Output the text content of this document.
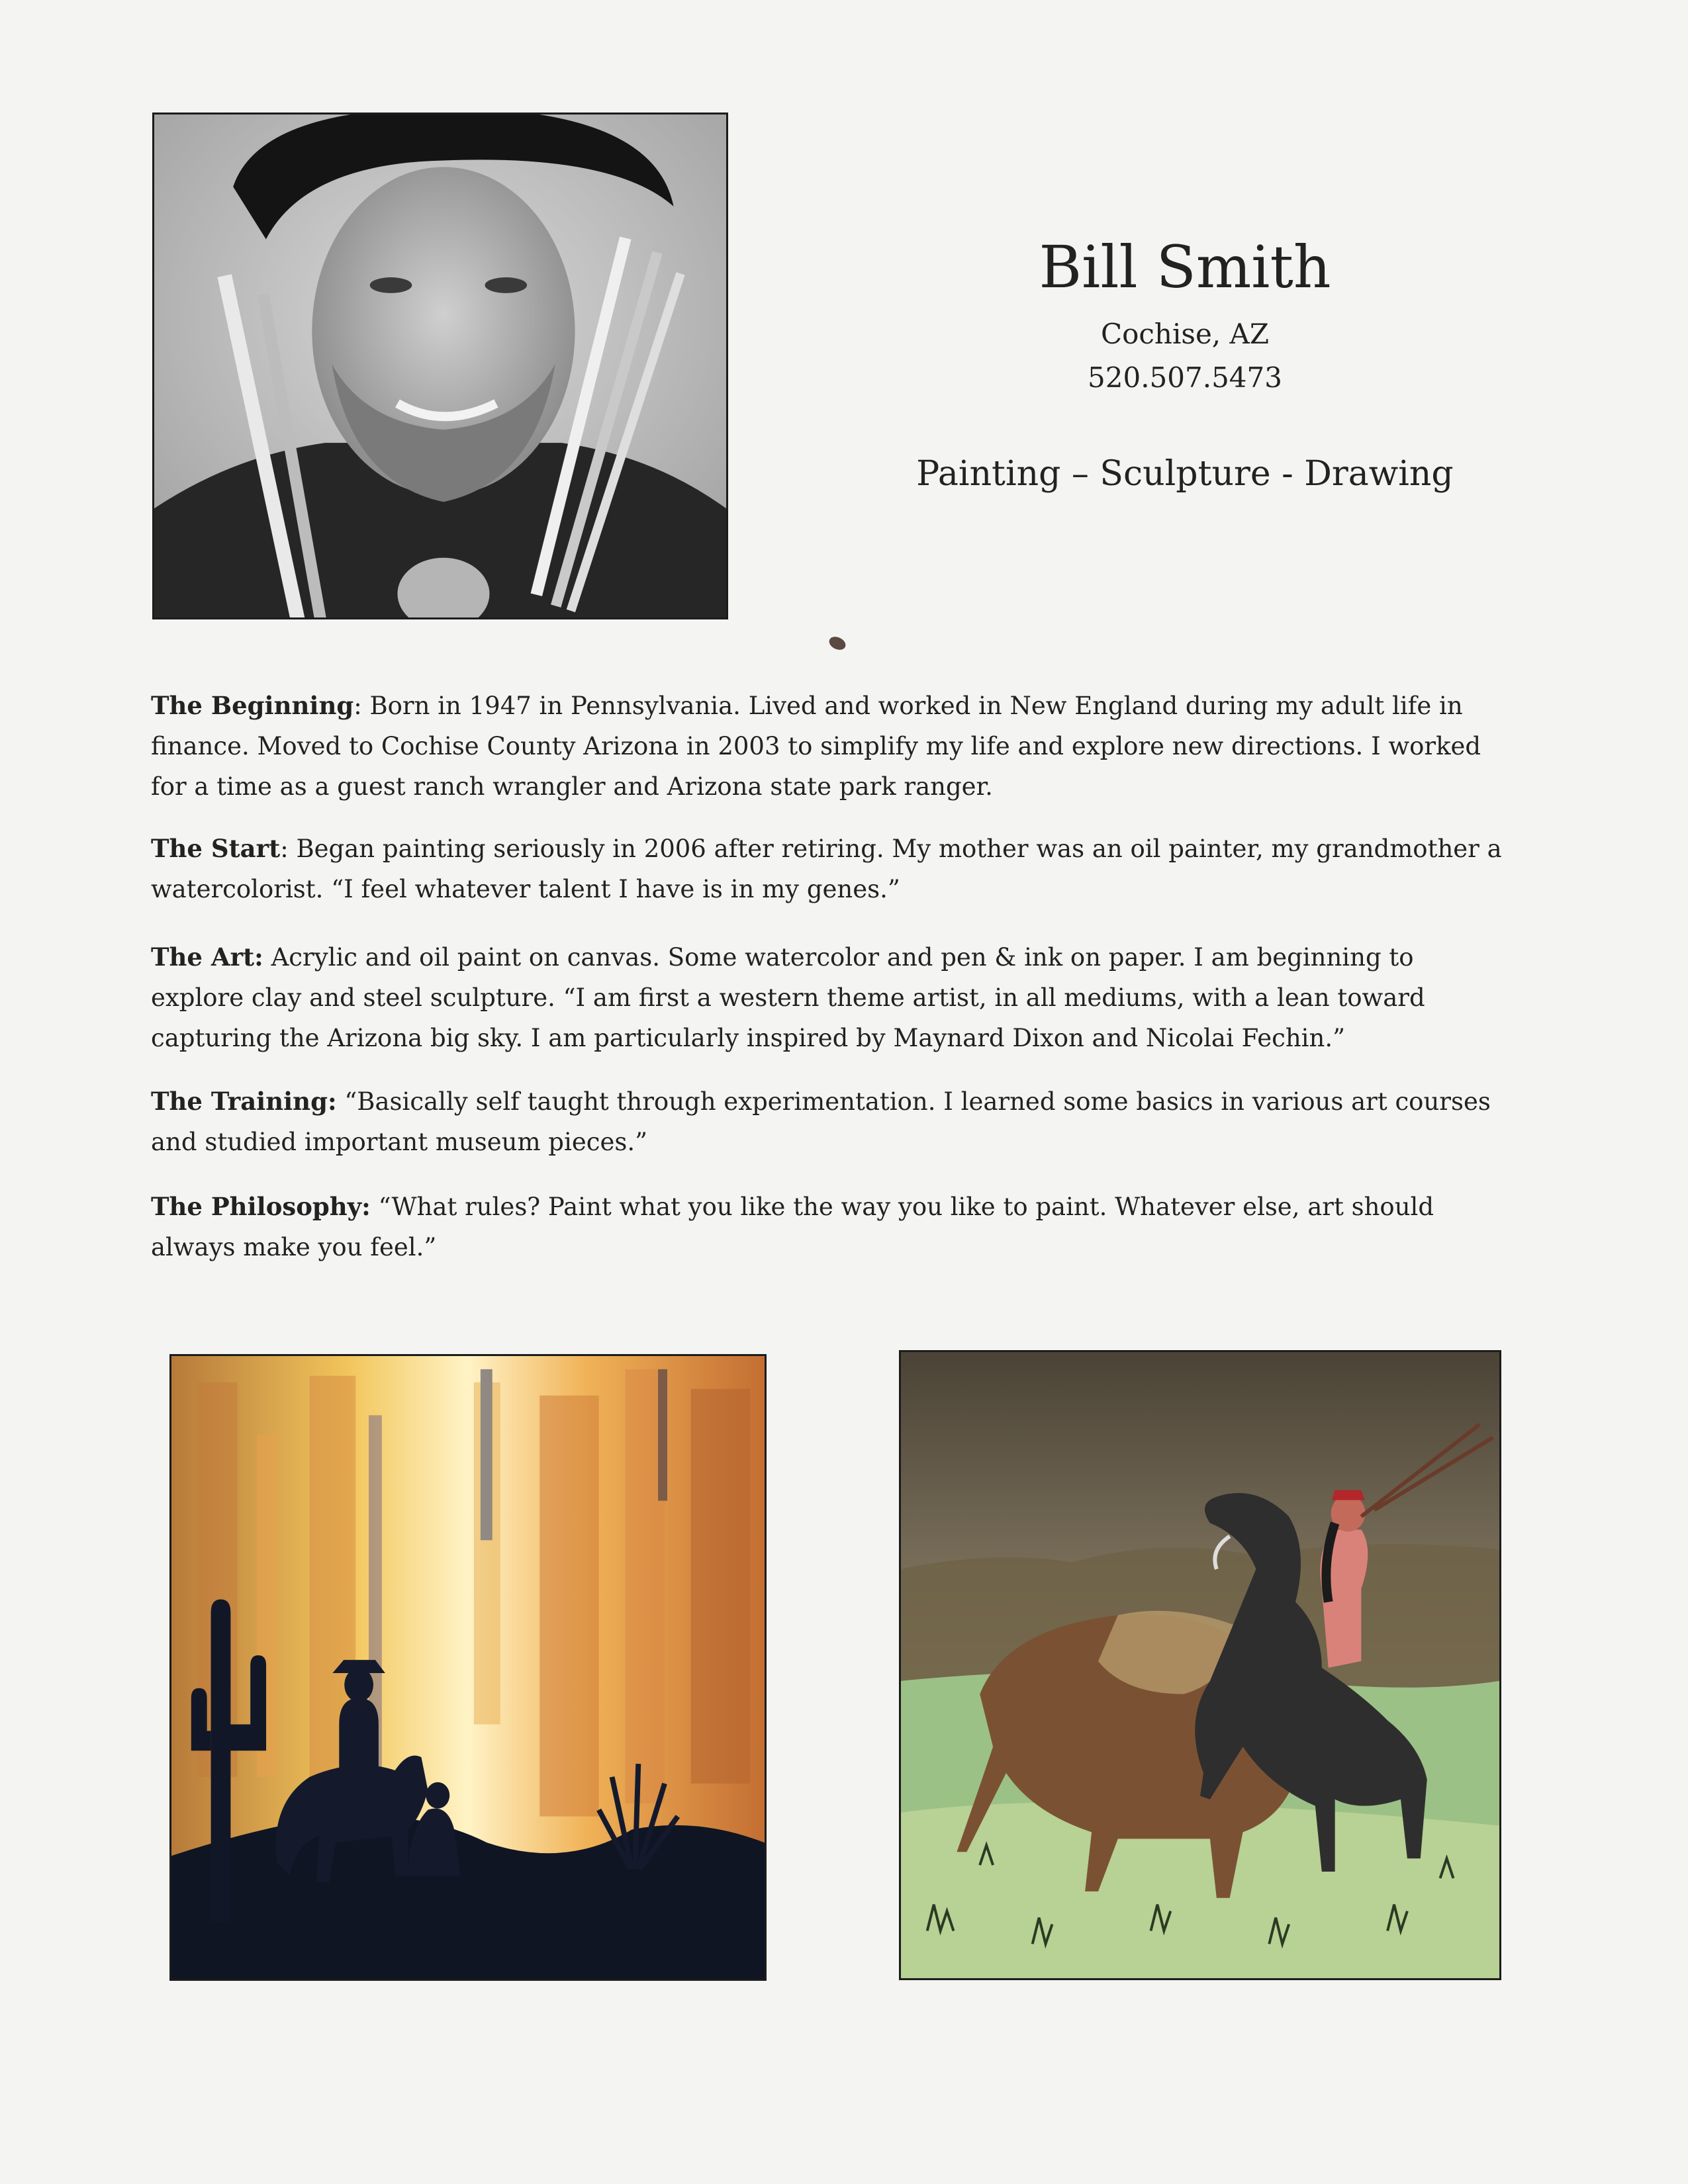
Bill Smith
Cochise, AZ
520.507.5473
Painting – Sculpture - Drawing

The Beginning: Born in 1947 in Pennsylvania. Lived and worked in New England during my adult life in finance. Moved to Cochise County Arizona in 2003 to simplify my life and explore new directions. I worked for a time as a guest ranch wrangler and Arizona state park ranger.

The Start: Began painting seriously in 2006 after retiring. My mother was an oil painter, my grandmother a watercolorist. “I feel whatever talent I have is in my genes.”

The Art: Acrylic and oil paint on canvas. Some watercolor and pen & ink on paper. I am beginning to explore clay and steel sculpture. “I am first a western theme artist, in all mediums, with a lean toward capturing the Arizona big sky. I am particularly inspired by Maynard Dixon and Nicolai Fechin.”

The Training: “Basically self taught through experimentation. I learned some basics in various art courses and studied important museum pieces.”

The Philosophy: “What rules? Paint what you like the way you like to paint. Whatever else, art should always make you feel.”
